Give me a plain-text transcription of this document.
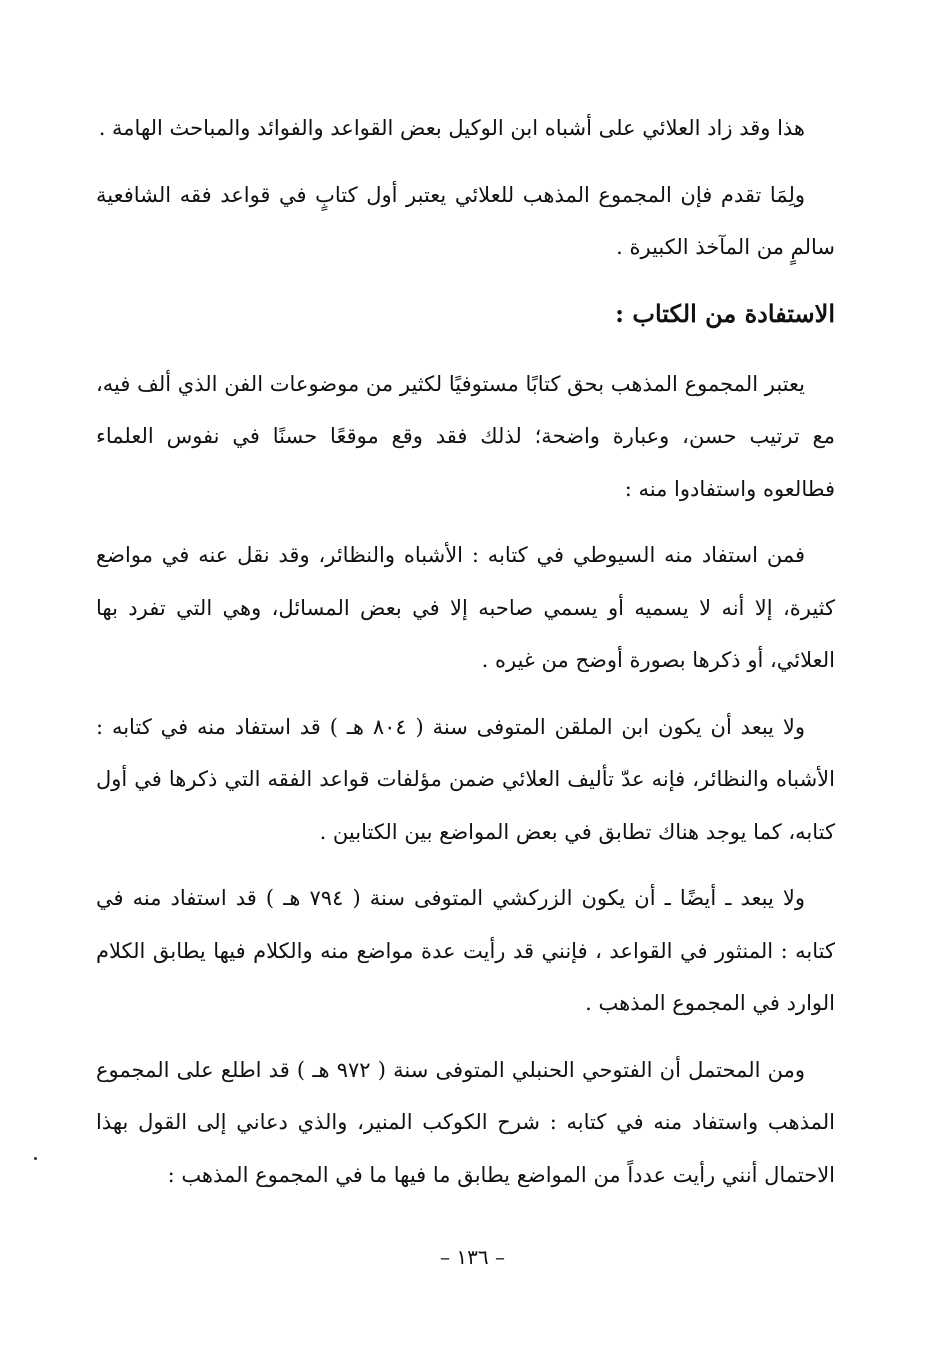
هذا وقد زاد العلائي على أشباه ابن الوكيل بعض القواعد والفوائد والمباحث الهامة .

ولِمَا تقدم فإن المجموع المذهب للعلائي يعتبر أول كتابٍ في قواعد فقه الشافعية سالمٍ من المآخذ الكبيرة .

الاستفادة من الكتاب :

يعتبر المجموع المذهب بحق كتابًا مستوفيًا لكثير من موضوعات الفن الذي ألف فيه، مع ترتيب حسن، وعبارة واضحة؛ لذلك فقد وقع موقعًا حسنًا في نفوس العلماء فطالعوه واستفادوا منه :

فمن استفاد منه السيوطي في كتابه : الأشباه والنظائر، وقد نقل عنه في مواضع كثيرة، إلا أنه لا يسميه أو يسمي صاحبه إلا في بعض المسائل، وهي التي تفرد بها العلائي، أو ذكرها بصورة أوضح من غيره .

ولا يبعد أن يكون ابن الملقن المتوفى سنة ( ٨٠٤ هـ ) قد استفاد منه في كتابه : الأشباه والنظائر، فإنه عدّ تأليف العلائي ضمن مؤلفات قواعد الفقه التي ذكرها في أول كتابه، كما يوجد هناك تطابق في بعض المواضع بين الكتابين .

ولا يبعد ـ أيضًا ـ أن يكون الزركشي المتوفى سنة ( ٧٩٤ هـ ) قد استفاد منه في كتابه : المنثور في القواعد ، فإنني قد رأيت عدة مواضع منه والكلام فيها يطابق الكلام الوارد في المجموع المذهب .

ومن المحتمل أن الفتوحي الحنبلي المتوفى سنة ( ٩٧٢ هـ ) قد اطلع على المجموع المذهب واستفاد منه في كتابه : شرح الكوكب المنير، والذي دعاني إلى القول بهذا الاحتمال أنني رأيت عدداً من المواضع يطابق ما فيها ما في المجموع المذهب :

– ١٣٦ –
